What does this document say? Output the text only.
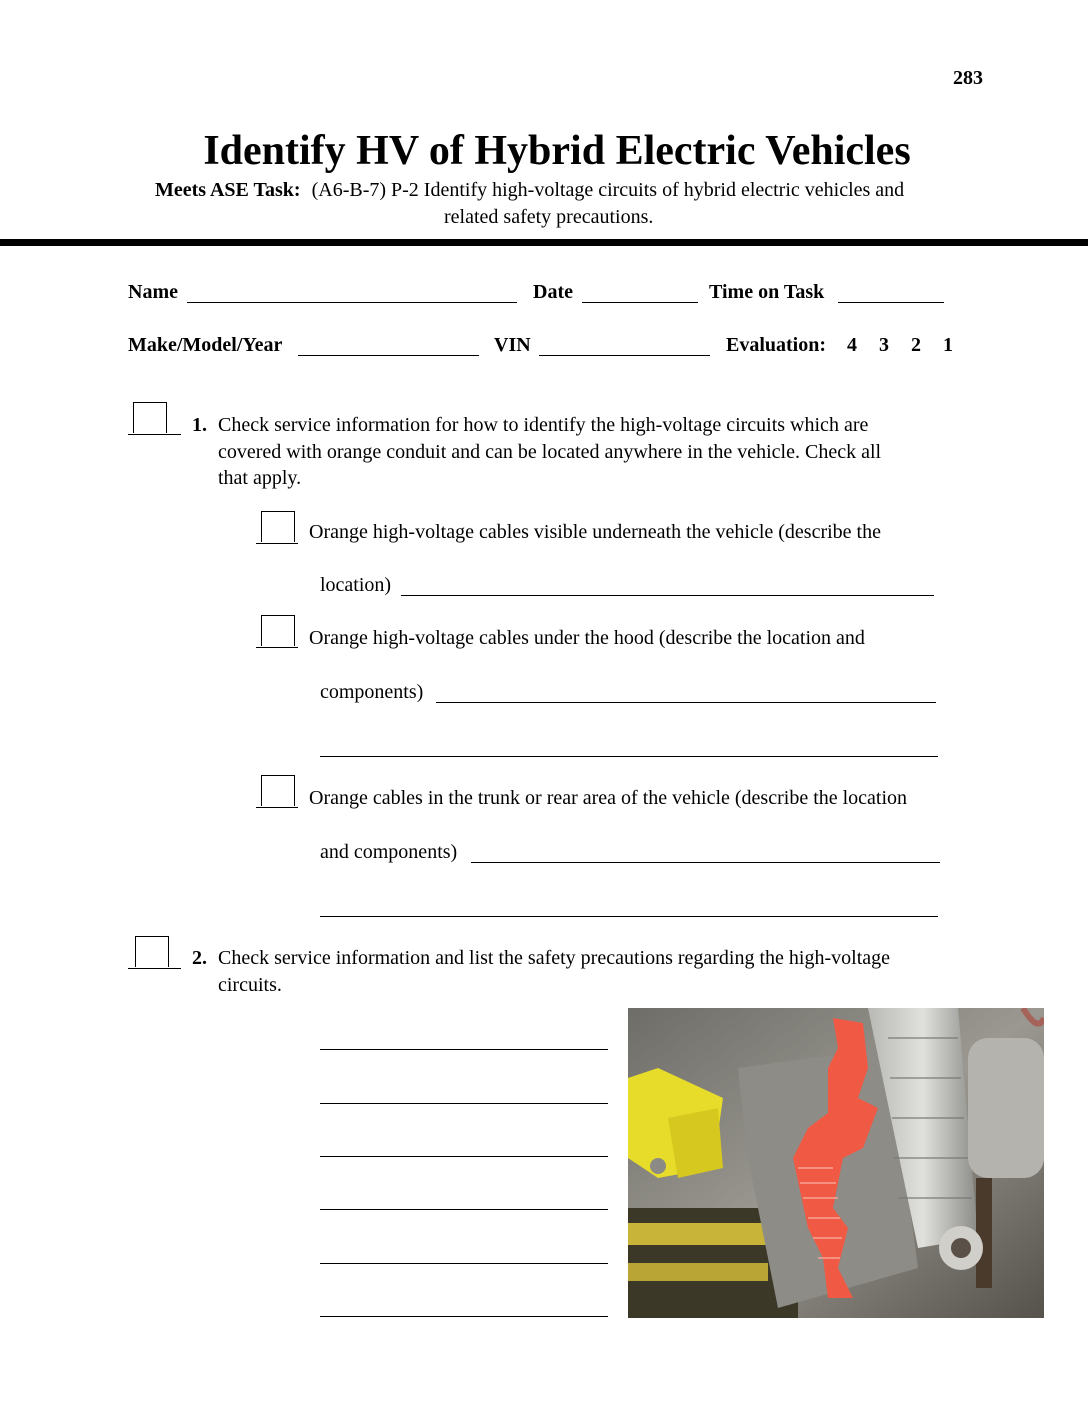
283
Identify HV of Hybrid Electric Vehicles
Meets ASE Task: (A6-B-7) P-2 Identify high-voltage circuits of hybrid electric vehicles and
related safety precautions.
Name	Date	Time on Task
Make/Model/Year	VIN	Evaluation: 4 3 2 1
1. Check service information for how to identify the high-voltage circuits which are
covered with orange conduit and can be located anywhere in the vehicle. Check all
that apply.
Orange high-voltage cables visible underneath the vehicle (describe the
location)
Orange high-voltage cables under the hood (describe the location and
components)
Orange cables in the trunk or rear area of the vehicle (describe the location
and components)
2. Check service information and list the safety precautions regarding the high-voltage
circuits.
